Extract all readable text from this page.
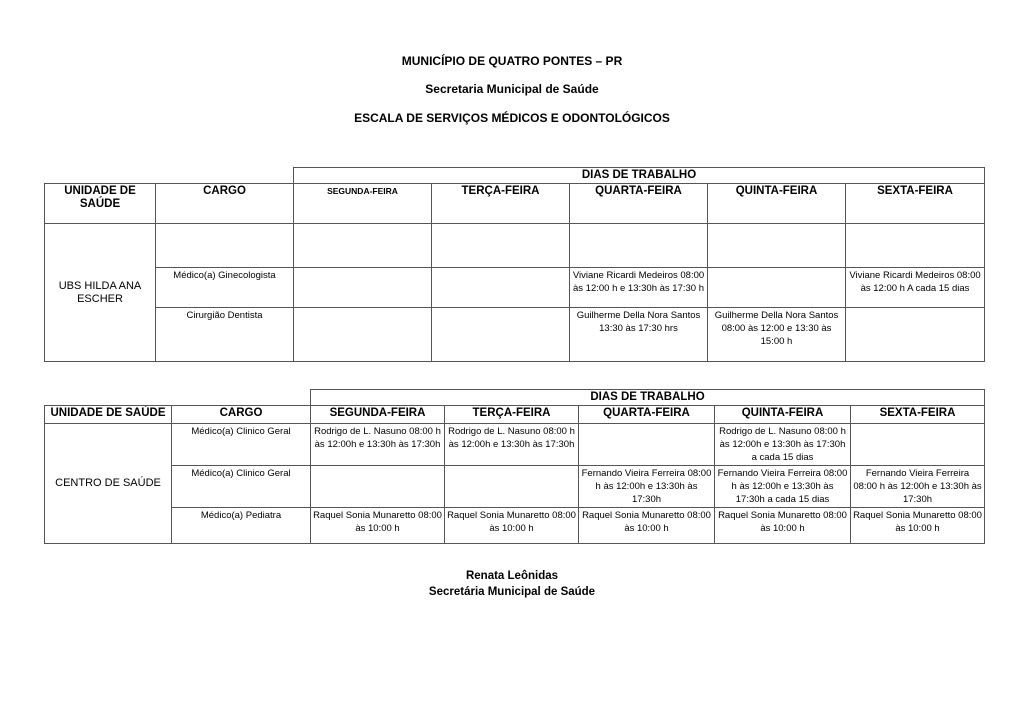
MUNICÍPIO DE QUATRO PONTES – PR
Secretaria Municipal de Saúde
ESCALA DE SERVIÇOS MÉDICOS E ODONTOLÓGICOS
		DIAS DE TRABALHO				
UNIDADE DE SAÚDE	CARGO	SEGUNDA-FEIRA	TERÇA-FEIRA	QUARTA-FEIRA	QUINTA-FEIRA	SEXTA-FEIRA
UBS HILDA ANA ESCHER						
	Médico(a) Ginecologista			Viviane Ricardi Medeiros 08:00 às 12:00 h e 13:30h às 17:30 h		Viviane Ricardi Medeiros 08:00 às 12:00 h A cada 15 dias
	Cirurgião Dentista			Guilherme Della Nora Santos 13:30 às 17:30 hrs	Guilherme Della Nora Santos 08:00 às 12:00 e 13:30 às 15:00 h	
		DIAS DE TRABALHO				
UNIDADE DE SAÚDE	CARGO	SEGUNDA-FEIRA	TERÇA-FEIRA	QUARTA-FEIRA	QUINTA-FEIRA	SEXTA-FEIRA
CENTRO DE SAÚDE	Médico(a) Clinico Geral	Rodrigo de L. Nasuno 08:00 h às 12:00h e 13:30h às 17:30h	Rodrigo de L. Nasuno 08:00 h às 12:00h e 13:30h às 17:30h		Rodrigo de L. Nasuno 08:00 h às 12:00h e 13:30h às 17:30h a cada 15 dias	
	Médico(a) Clinico Geral			Fernando Vieira Ferreira 08:00 h às 12:00h e 13:30h às 17:30h	Fernando Vieira Ferreira 08:00 h às 12:00h e 13:30h às 17:30h a cada 15 dias	Fernando Vieira Ferreira 08:00 h às 12:00h e 13:30h às 17:30h
	Médico(a) Pediatra	Raquel Sonia Munaretto 08:00 às 10:00 h	Raquel Sonia Munaretto 08:00 às 10:00 h	Raquel Sonia Munaretto 08:00 às 10:00 h	Raquel Sonia Munaretto 08:00 às 10:00 h	Raquel Sonia Munaretto 08:00 às 10:00 h
Renata Leônidas
Secretária Municipal de Saúde
